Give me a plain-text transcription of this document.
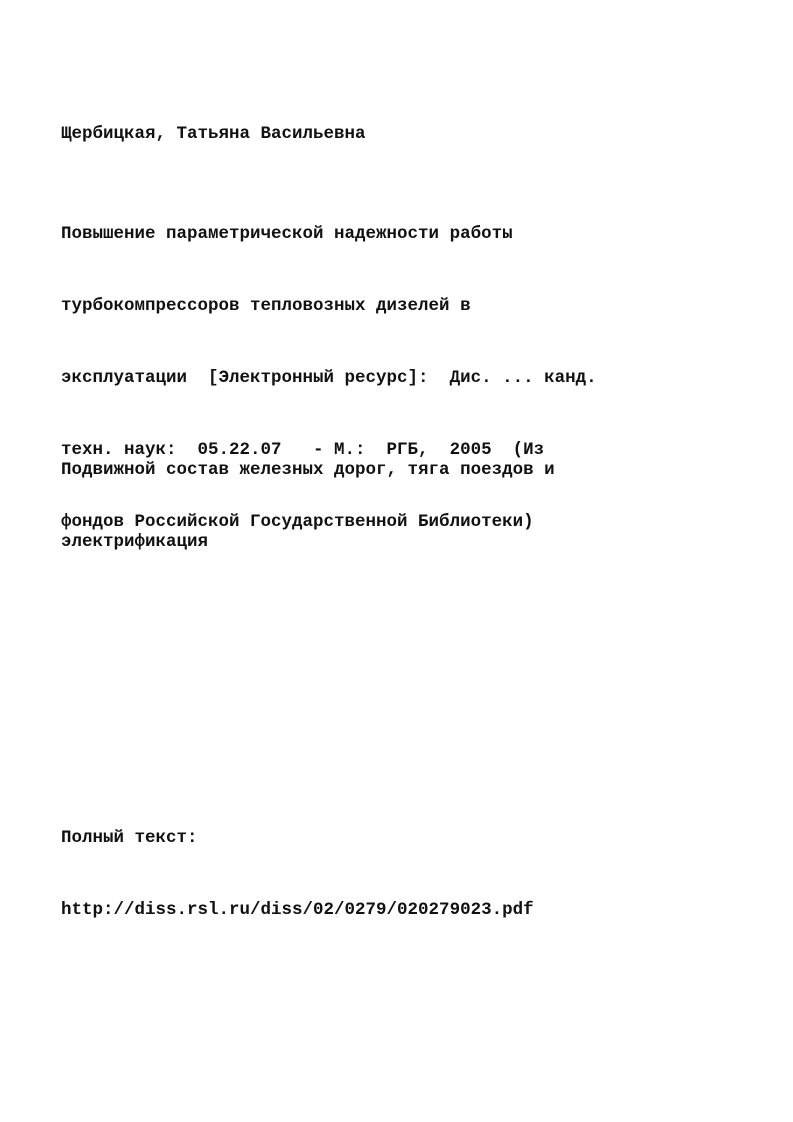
Щербицкая, Татьяна Васильевна

Повышение параметрической надежности работы

турбокомпрессоров тепловозных дизелей в

эксплуатации  [Электронный ресурс]:  Дис. ... канд.

техн. наук:  05.22.07   - М.:  РГБ,  2005  (Из

фондов Российской Государственной Библиотеки)

Подвижной состав железных дорог, тяга поездов и

электрификация

Полный текст:

http://diss.rsl.ru/diss/02/0279/020279023.pdf
